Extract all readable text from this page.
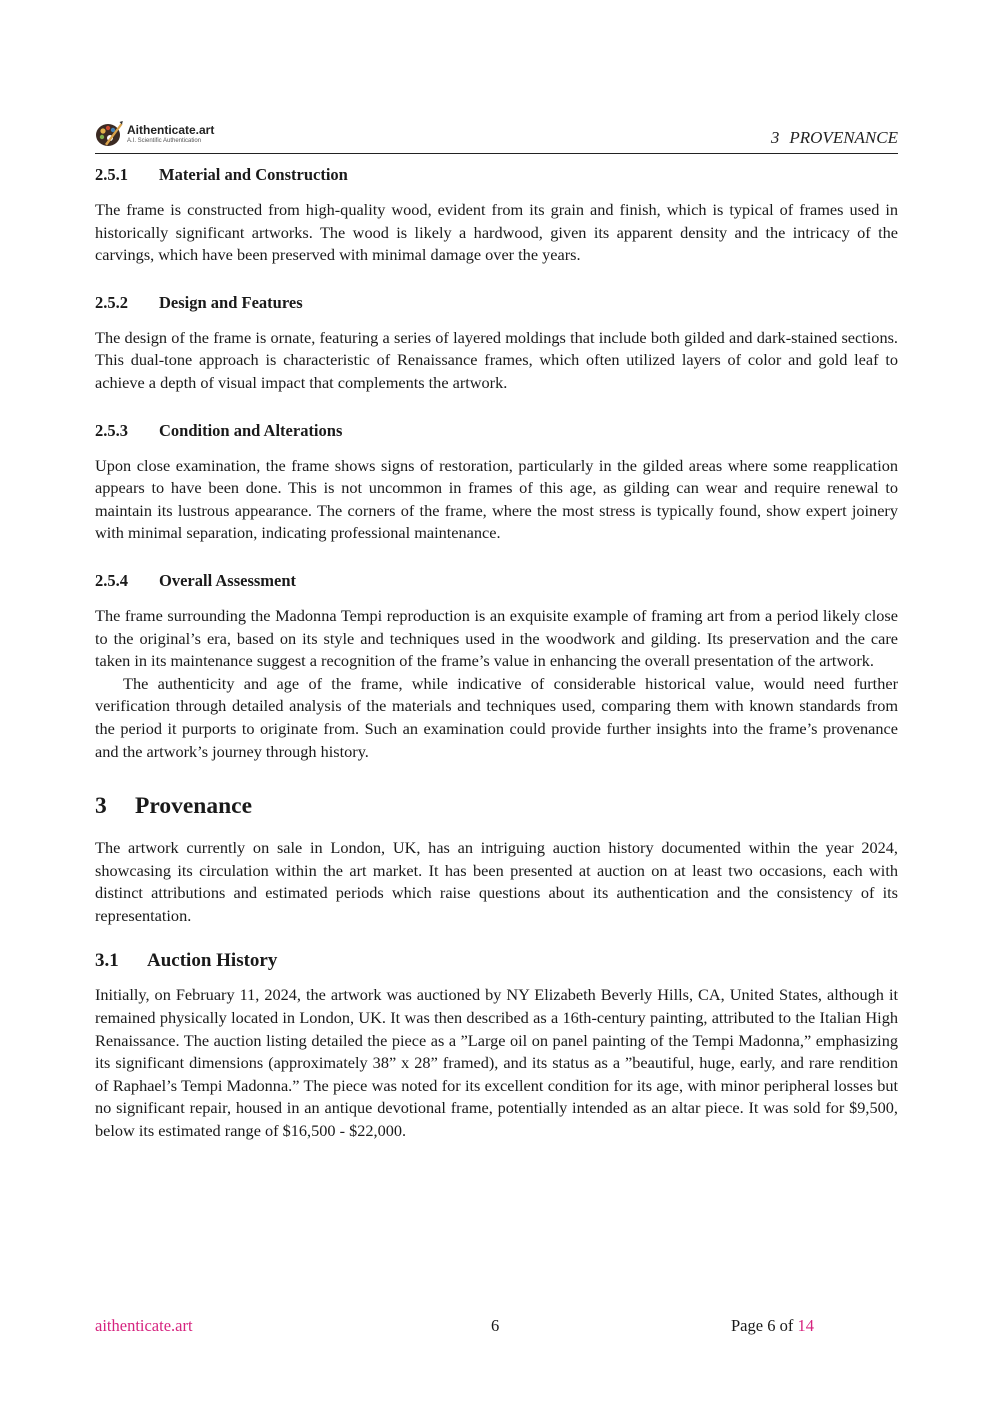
Aithenticate.art
A.I. Scientific Authentication	3 PROVENANCE
2.5.1 Material and Construction

The frame is constructed from high-quality wood, evident from its grain and finish, which is typical of frames used in historically significant artworks. The wood is likely a hardwood, given its apparent density and the intricacy of the carvings, which have been preserved with minimal damage over the years.

2.5.2 Design and Features

The design of the frame is ornate, featuring a series of layered moldings that include both gilded and dark-stained sections. This dual-tone approach is characteristic of Renaissance frames, which often utilized layers of color and gold leaf to achieve a depth of visual impact that complements the artwork.

2.5.3 Condition and Alterations

Upon close examination, the frame shows signs of restoration, particularly in the gilded areas where some reapplication appears to have been done. This is not uncommon in frames of this age, as gilding can wear and require renewal to maintain its lustrous appearance. The corners of the frame, where the most stress is typically found, show expert joinery with minimal separation, indicating professional maintenance.

2.5.4 Overall Assessment

The frame surrounding the Madonna Tempi reproduction is an exquisite example of framing art from a period likely close to the original’s era, based on its style and techniques used in the woodwork and gilding. Its preservation and the care taken in its maintenance suggest a recognition of the frame’s value in enhancing the overall presentation of the artwork.

The authenticity and age of the frame, while indicative of considerable historical value, would need further verification through detailed analysis of the materials and techniques used, comparing them with known standards from the period it purports to originate from. Such an examination could provide further insights into the frame’s provenance and the artwork’s journey through history.

3 Provenance

The artwork currently on sale in London, UK, has an intriguing auction history documented within the year 2024, showcasing its circulation within the art market. It has been presented at auction on at least two occasions, each with distinct attributions and estimated periods which raise questions about its authentication and the consistency of its representation.

3.1 Auction History

Initially, on February 11, 2024, the artwork was auctioned by NY Elizabeth Beverly Hills, CA, United States, although it remained physically located in London, UK. It was then described as a 16th-century painting, attributed to the Italian High Renaissance. The auction listing detailed the piece as a ”Large oil on panel painting of the Tempi Madonna,” emphasizing its significant dimensions (approximately 38” x 28” framed), and its status as a ”beautiful, huge, early, and rare rendition of Raphael’s Tempi Madonna.” The piece was noted for its excellent condition for its age, with minor peripheral losses but no significant repair, housed in an antique devotional frame, potentially intended as an altar piece. It was sold for $9,500, below its estimated range of $16,500 - $22,000.

aithenticate.art	6	Page 6 of 14
